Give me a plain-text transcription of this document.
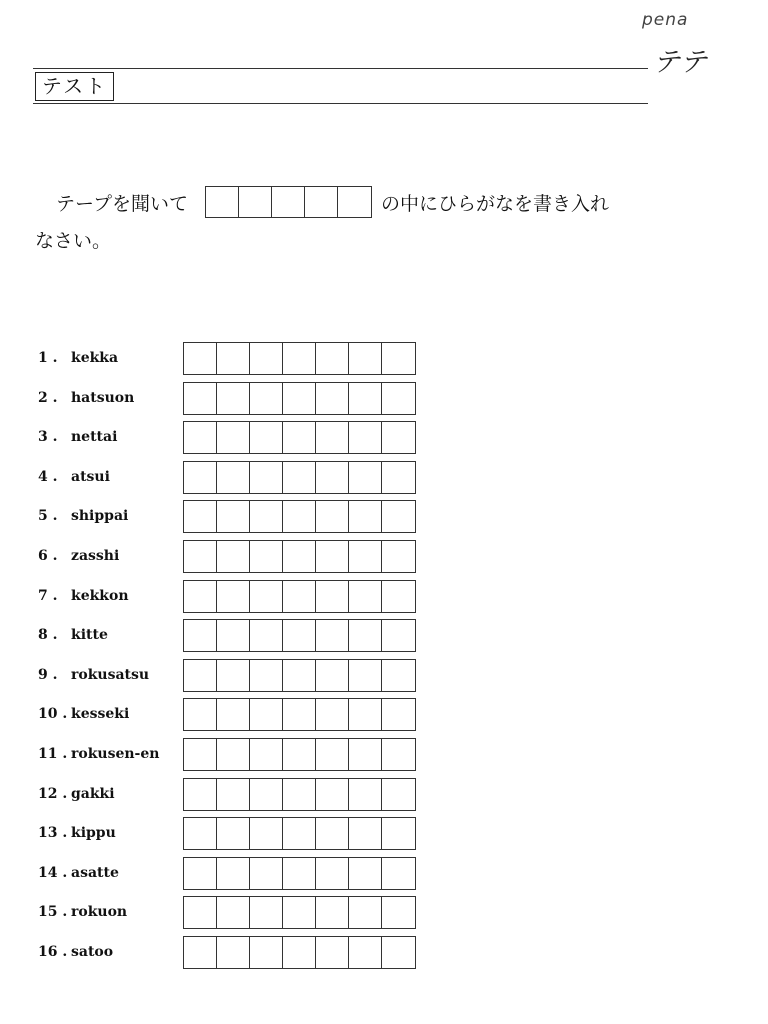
pena
テテ
テスト
テープを聞いて	の中にひらがなを書き入れ
なさい。
1 . kekka
2 . hatsuon
3 . nettai
4 . atsui
5 . shippai
6 . zasshi
7 . kekkon
8 . kitte
9 . rokusatsu
10 . kesseki
11 . rokusen-en
12 . gakki
13 . kippu
14 . asatte
15 . rokuon
16 . satoo
